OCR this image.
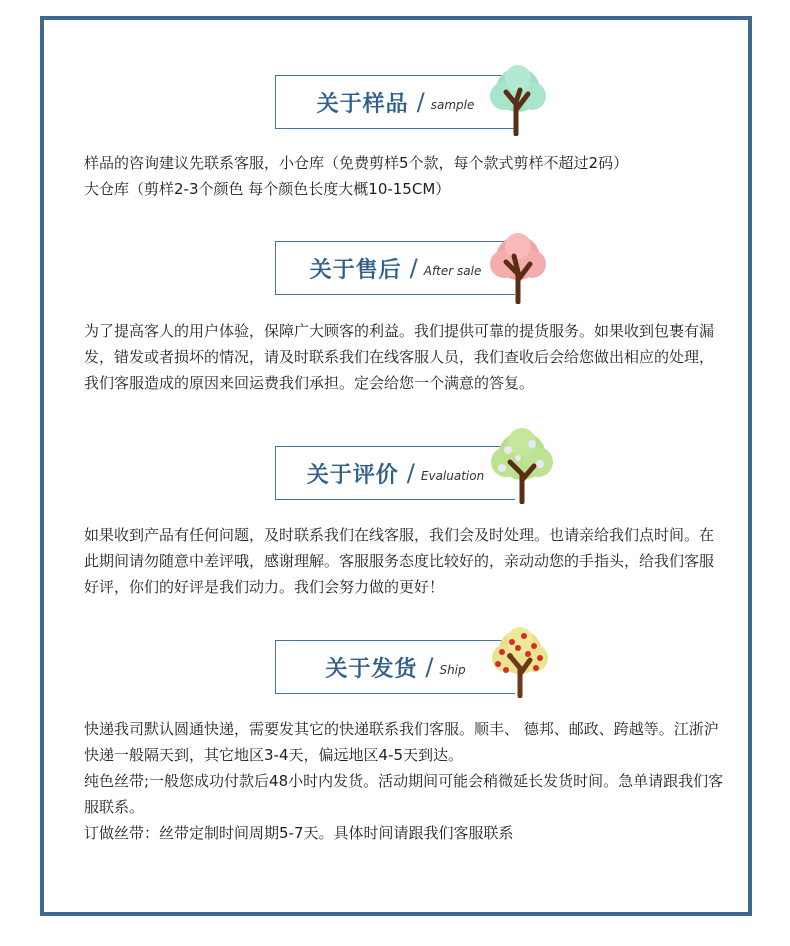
关于样品 / sample

样品的咨询建议先联系客服，小仓库（免费剪样5个款，每个款式剪样不超过2码）

大仓库（剪样2-3个颜色 每个颜色长度大概10-15CM）

关于售后 / After sale

为了提高客人的用户体验，保障广大顾客的利益。我们提供可靠的提货服务。如果收到包裹有漏发，错发或者损坏的情况，请及时联系我们在线客服人员，我们查收后会给您做出相应的处理，我们客服造成的原因来回运费我们承担。定会给您一个满意的答复。

关于评价 / Evaluation

如果收到产品有任何问题，及时联系我们在线客服，我们会及时处理。也请亲给我们点时间。在此期间请勿随意中差评哦，感谢理解。客服服务态度比较好的，亲动动您的手指头，给我们客服好评，你们的好评是我们动力。我们会努力做的更好！

关于发货 / Ship

快递我司默认圆通快递，需要发其它的快递联系我们客服。顺丰、 德邦、邮政、跨越等。江浙沪快递一般隔天到，其它地区3-4天，偏远地区4-5天到达。

纯色丝带;一般您成功付款后48小时内发货。活动期间可能会稍微延长发货时间。急单请跟我们客服联系。

订做丝带：丝带定制时间周期5-7天。具体时间请跟我们客服联系
